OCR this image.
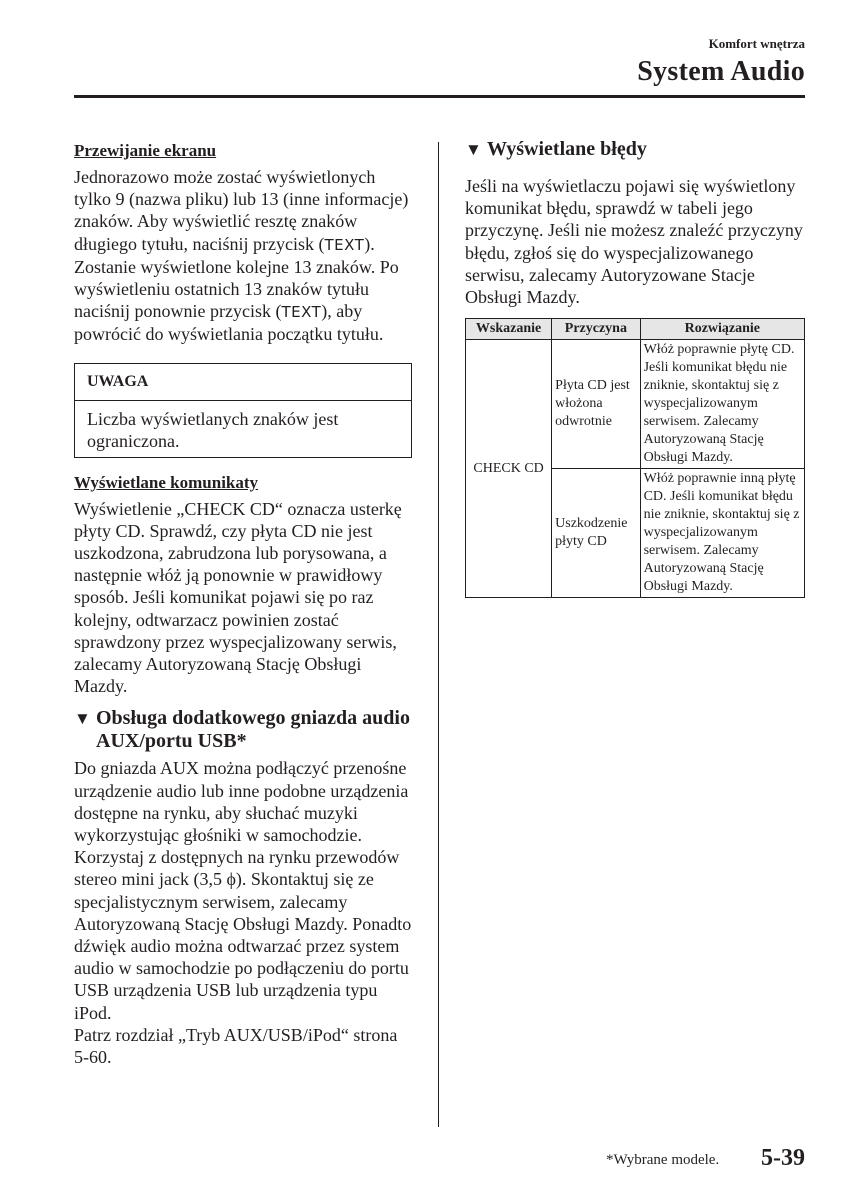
Komfort wnętrza
System Audio
Przewijanie ekranu

Jednorazowo może zostać wyświetlonych tylko 9 (nazwa pliku) lub 13 (inne informacje) znaków. Aby wyświetlić resztę znaków długiego tytułu, naciśnij przycisk (TEXT). Zostanie wyświetlone kolejne 13 znaków. Po wyświetleniu ostatnich 13 znaków tytułu naciśnij ponownie przycisk (TEXT), aby powrócić do wyświetlania początku tytułu.

UWAGA
Liczba wyświetlanych znaków jest ograniczona.
Wyświetlane komunikaty

Wyświetlenie „CHECK CD“ oznacza usterkę płyty CD. Sprawdź, czy płyta CD nie jest uszkodzona, zabrudzona lub porysowana, a następnie włóż ją ponownie w prawidłowy sposób. Jeśli komunikat pojawi się po raz kolejny, odtwarzacz powinien zostać sprawdzony przez wyspecjalizowany serwis, zalecamy Autoryzowaną Stację Obsługi Mazdy.

▼ Obsługa dodatkowego gniazda audio AUX/portu USB*

Do gniazda AUX można podłączyć przenośne urządzenie audio lub inne podobne urządzenia dostępne na rynku, aby słuchać muzyki wykorzystując głośniki w samochodzie.

Korzystaj z dostępnych na rynku przewodów stereo mini jack (3,5 ϕ). Skontaktuj się ze specjalistycznym serwisem, zalecamy Autoryzowaną Stację Obsługi Mazdy. Ponadto dźwięk audio można odtwarzać przez system audio w samochodzie po podłączeniu do portu USB urządzenia USB lub urządzenia typu iPod.

Patrz rozdział „Tryb AUX/USB/iPod“ strona 5-60.

▼ Wyświetlane błędy

Jeśli na wyświetlaczu pojawi się wyświetlony komunikat błędu, sprawdź w tabeli jego przyczynę. Jeśli nie możesz znaleźć przyczyny błędu, zgłoś się do wyspecjalizowanego serwisu, zalecamy Autoryzowane Stacje Obsługi Mazdy.

Wskazanie	Przyczyna	Rozwiązanie
CHECK CD	Płyta CD jest włożona odwrotnie	Włóż poprawnie płytę CD. Jeśli komunikat błędu nie zniknie, skontaktuj się z wyspecjalizowanym serwisem. Zalecamy Autoryzowaną Stację Obsługi Mazdy.
	Uszkodzenie płyty CD	Włóż poprawnie inną płytę CD. Jeśli komunikat błędu nie zniknie, skontaktuj się z wyspecjalizowanym serwisem. Zalecamy Autoryzowaną Stację Obsługi Mazdy.
*Wybrane modele. 5-39
